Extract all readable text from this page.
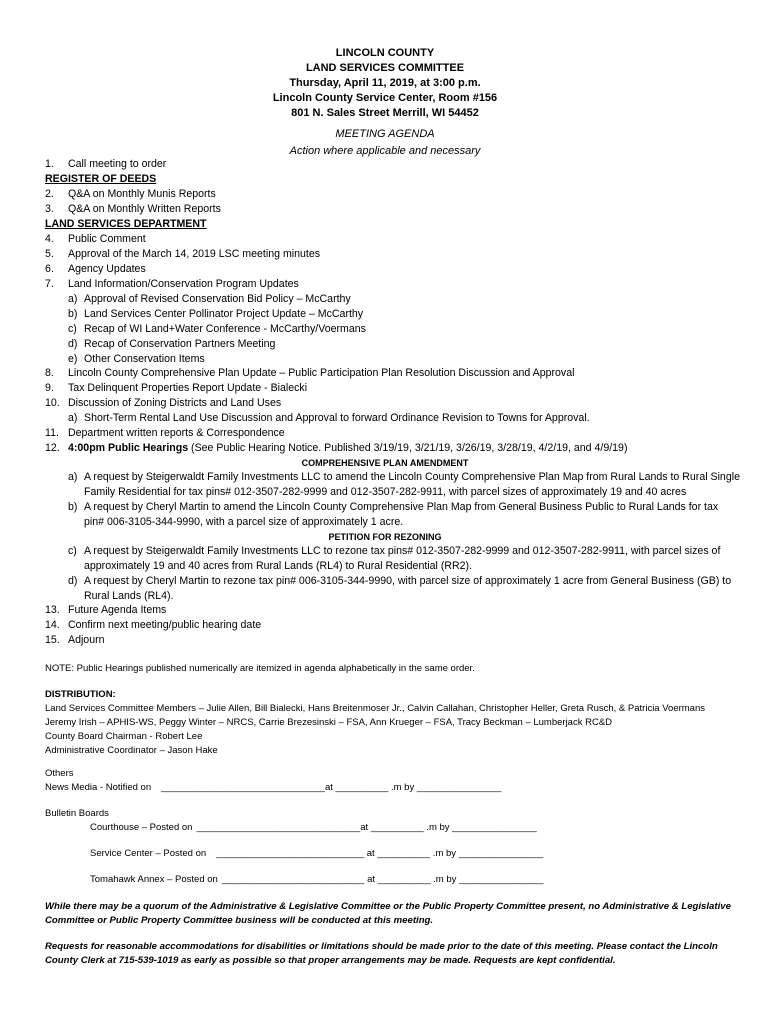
LINCOLN COUNTY
LAND SERVICES COMMITTEE
Thursday, April 11, 2019, at 3:00 p.m.
Lincoln County Service Center, Room #156
801 N. Sales Street Merrill, WI 54452
MEETING AGENDA
Action where applicable and necessary
1. Call meeting to order
REGISTER OF DEEDS
2. Q&A on Monthly Munis Reports
3. Q&A on Monthly Written Reports
LAND SERVICES DEPARTMENT
4. Public Comment
5. Approval of the March 14, 2019 LSC meeting minutes
6. Agency Updates
7. Land Information/Conservation Program Updates
a) Approval of Revised Conservation Bid Policy – McCarthy
b) Land Services Center Pollinator Project Update – McCarthy
c) Recap of WI Land+Water Conference - McCarthy/Voermans
d) Recap of Conservation Partners Meeting
e) Other Conservation Items
8. Lincoln County Comprehensive Plan Update – Public Participation Plan Resolution Discussion and Approval
9. Tax Delinquent Properties Report Update - Bialecki
10. Discussion of Zoning Districts and Land Uses
a) Short-Term Rental Land Use Discussion and Approval to forward Ordinance Revision to Towns for Approval.
11. Department written reports & Correspondence
12. 4:00pm Public Hearings (See Public Hearing Notice. Published 3/19/19, 3/21/19, 3/26/19, 3/28/19, 4/2/19, and 4/9/19)
COMPREHENSIVE PLAN AMENDMENT
a) A request by Steigerwaldt Family Investments LLC to amend the Lincoln County Comprehensive Plan Map from Rural Lands to Rural Single
Family Residential for tax pins# 012-3507-282-9999 and 012-3507-282-9911, with parcel sizes of approximately 19 and 40 acres
b) A request by Cheryl Martin to amend the Lincoln County Comprehensive Plan Map from General Business Public to Rural Lands for tax
pin# 006-3105-344-9990, with a parcel size of approximately 1 acre.
PETITION FOR REZONING
c) A request by Steigerwaldt Family Investments LLC to rezone tax pins# 012-3507-282-9999 and 012-3507-282-9911, with parcel sizes of
approximately 19 and 40 acres from Rural Lands (RL4) to Rural Residential (RR2).
d) A request by Cheryl Martin to rezone tax pin# 006-3105-344-9990, with parcel size of approximately 1 acre from General Business (GB) to
Rural Lands (RL4).
13. Future Agenda Items
14. Confirm next meeting/public hearing date
15. Adjourn
NOTE: Public Hearings published numerically are itemized in agenda alphabetically in the same order.
DISTRIBUTION:
Land Services Committee Members – Julie Allen, Bill Bialecki, Hans Breitenmoser Jr., Calvin Callahan, Christopher Heller, Greta Rusch, & Patricia Voermans
Jeremy Irish – APHIS-WS, Peggy Winter – NRCS, Carrie Brezesinski – FSA, Ann Krueger – FSA, Tracy Beckman – Lumberjack RC&D
County Board Chairman - Robert Lee
Administrative Coordinator – Jason Hake
Others
News Media - Notified on _______________________________at __________ .m by ________________
Bulletin Boards
Courthouse – Posted on _______________________________at __________ .m by ________________
Service Center – Posted on ____________________________ at __________ .m by ________________
Tomahawk Annex – Posted on ___________________________ at __________ .m by ________________
While there may be a quorum of the Administrative & Legislative Committee or the Public Property Committee present, no Administrative & Legislative
Committee or Public Property Committee business will be conducted at this meeting.
Requests for reasonable accommodations for disabilities or limitations should be made prior to the date of this meeting. Please contact the Lincoln
County Clerk at 715-539-1019 as early as possible so that proper arrangements may be made. Requests are kept confidential.
